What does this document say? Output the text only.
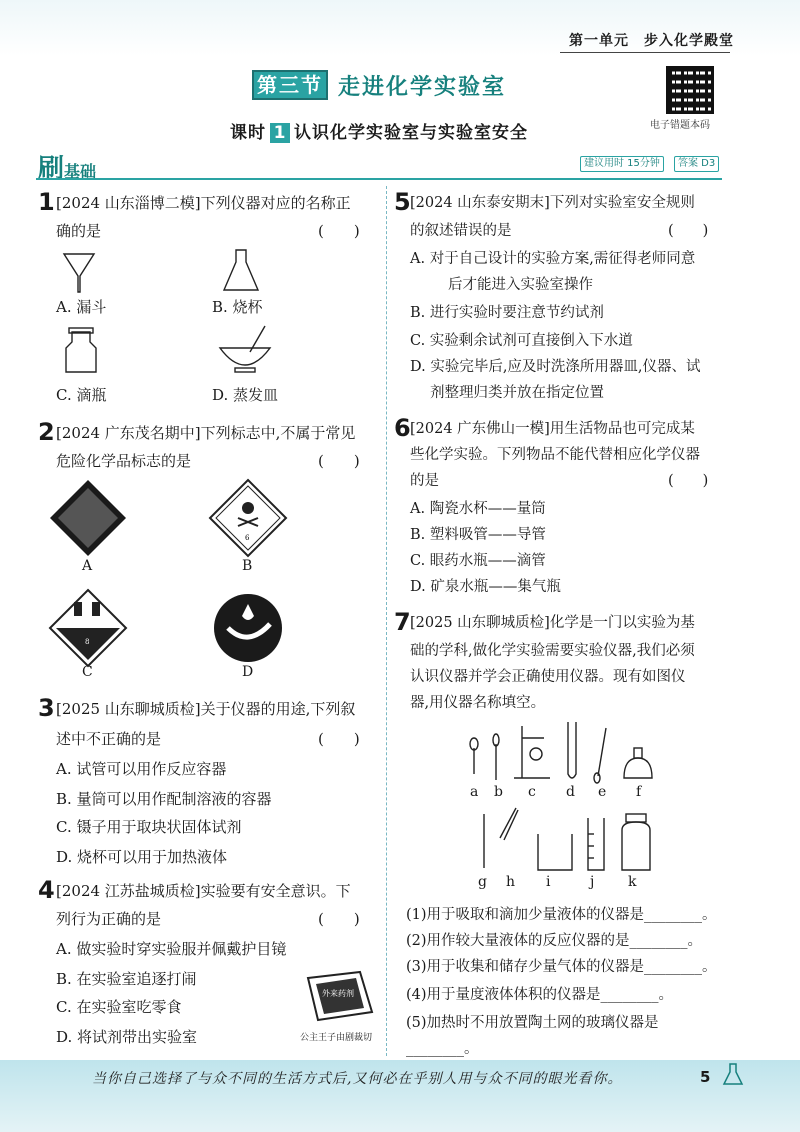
第一单元　步入化学殿堂
第三节 走进化学实验室
电子错题本码
课时 1 认识化学实验室与实验室安全
刷基础	建议用时 15分钟	答案 D3
1 [2024 山东淄博二模]下列仪器对应的名称正
确的是	(　　)
A. 漏斗	B. 烧杯
C. 滴瓶	D. 蒸发皿
2 [2024 广东茂名期中]下列标志中,不属于常见
危险化学品标志的是	(　　)
6
8
A	B
C	D
3 [2025 山东聊城质检]关于仪器的用途,下列叙
述中不正确的是	(　　)
A. 试管可以用作反应容器
B. 量筒可以用作配制溶液的容器
C. 镊子用于取块状固体试剂
D. 烧杯可以用于加热液体
4 [2024 江苏盐城质检]实验要有安全意识。下
列行为正确的是	(　　)
A. 做实验时穿实验服并佩戴护目镜
B. 在实验室追逐打闹
C. 在实验室吃零食
D. 将试剂带出实验室
外来药剂
公主王子由剧裁切
5 [2024 山东泰安期末]下列对实验室安全规则
的叙述错误的是	(　　)
A. 对于自己设计的实验方案,需征得老师同意
后才能进入实验室操作
B. 进行实验时要注意节约试剂
C. 实验剩余试剂可直接倒入下水道
D. 实验完毕后,应及时洗涤所用器皿,仪器、试
剂整理归类并放在指定位置
6 [2024 广东佛山一模]用生活物品也可完成某
些化学实验。下列物品不能代替相应化学仪器
的是	(　　)
A. 陶瓷水杯——量筒
B. 塑料吸管——导管
C. 眼药水瓶——滴管
D. 矿泉水瓶——集气瓶
7 [2025 山东聊城质检]化学是一门以实验为基
础的学科,做化学实验需要实验仪器,我们必须
认识仪器并学会正确使用仪器。现有如图仪
器,用仪器名称填空。
a b c d e f
g h i	j k
(1)用于吸取和滴加少量液体的仪器是________。
(2)用作较大量液体的反应仪器的是________。
(3)用于收集和储存少量气体的仪器是________。
(4)用于量度液体体积的仪器是________。
(5)加热时不用放置陶土网的玻璃仪器是
________。
当你自己选择了与众不同的生活方式后,又何必在乎别人用与众不同的眼光看你。	5
